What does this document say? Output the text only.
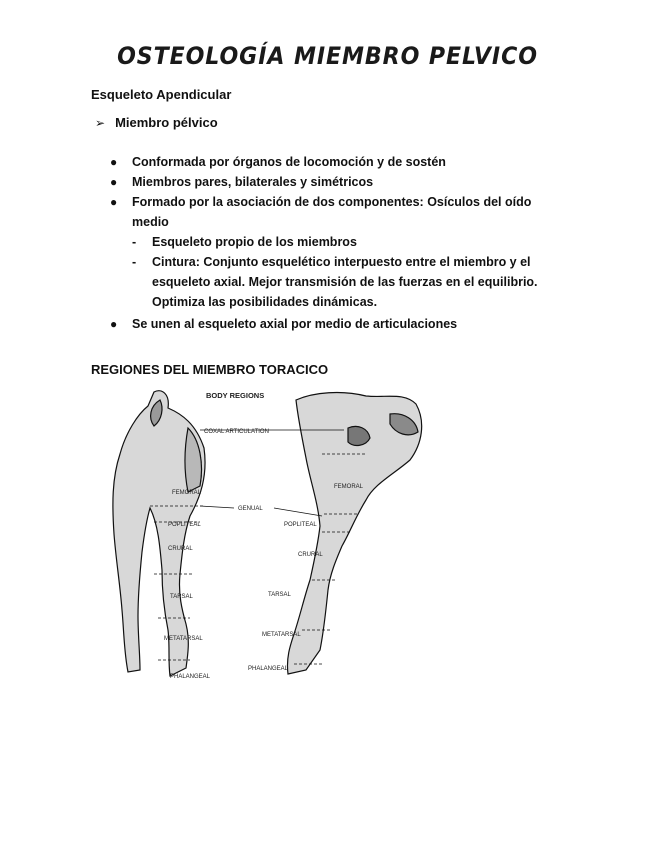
OSTEOLOGÍA MIEMBRO PELVICO
Esqueleto Apendicular
➢ Miembro pélvico
●	Conformada por órganos de locomoción y de sostén
●	Miembros pares, bilaterales y simétricos
●	Formado por la asociación de dos componentes: Osículos del oído medio
-	Esqueleto propio de los miembros
-	Cintura: Conjunto esquelético interpuesto entre el miembro y el esqueleto axial. Mejor transmisión de las fuerzas en el equilibrio. Optimiza las posibilidades dinámicas.
●	Se unen al esqueleto axial por medio de articulaciones
REGIONES DEL MIEMBRO TORACICO
BODY REGIONS
COXAL ARTICULATION
FEMORAL
FEMORAL
GENUAL
POPLITEAL	POPLITEAL
CRURAL
CRURAL
TARSAL	TARSAL
METATARSAL
METATARSAL
PHALANGEAL
PHALANGEAL
